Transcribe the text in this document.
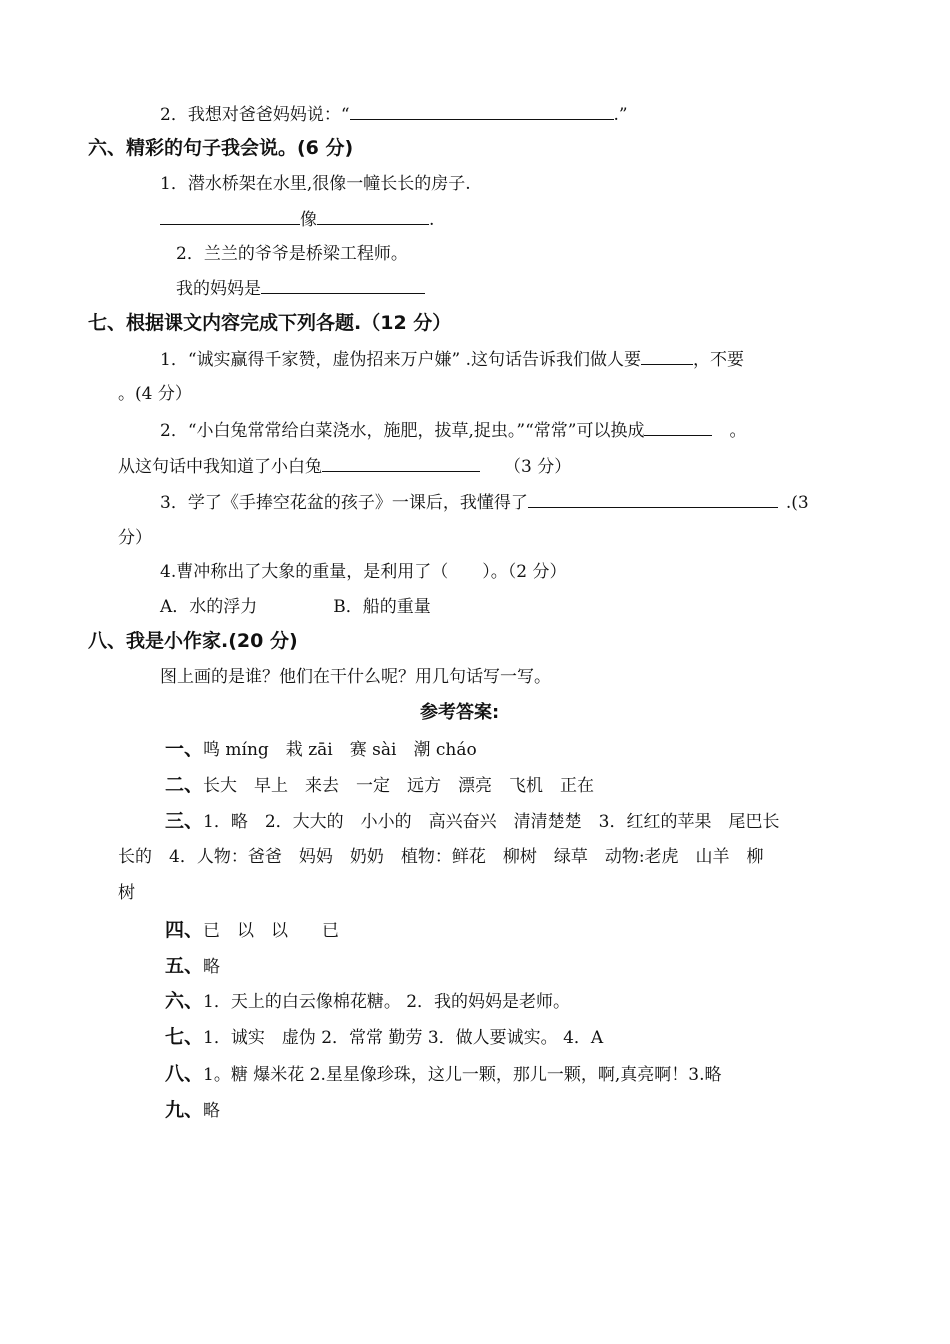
2．我想对爸爸妈妈说：“	.”
六、精彩的句子我会说。(6 分)
1．潜水桥架在水里,很像一幢长长的房子.
像	.
2．兰兰的爷爷是桥梁工程师。
我的妈妈是
七、根据课文内容完成下列各题.（12 分）
1．“诚实赢得千家赞，虚伪招来万户嫌” .这句话告诉我们做人要	，不要
。(4 分）
2．“小白兔常常给白菜浇水，施肥，拔草,捉虫。”“常常”可以换成　	。
从这句话中我知道了小白兔	（3 分）
3．学了《手捧空花盆的孩子》一课后，我懂得了	.(3
分）
4.曹冲称出了大象的重量，是利用了（　　）。（2 分）
A．水的浮力	B．船的重量
八、我是小作家.(20 分)
图上画的是谁？他们在干什么呢？用几句话写一写。
参考答案:
一、鸣 míng　栽 zāi　赛 sài　潮 cháo
二、长大　早上　来去　一定　远方　漂亮　飞机　正在
三、1．略　2．大大的　小小的　高兴奋兴　清清楚楚　3．红红的苹果　尾巴长
长的　4．人物：爸爸　妈妈　奶奶　植物：鲜花　柳树　绿草　动物:老虎　山羊　柳
树
四、已　以　以　　已
五、略
六、1．天上的白云像棉花糖。 2．我的妈妈是老师。
七、1．诚实　虚伪 2．常常 勤劳 3．做人要诚实。 4．A
八、1。糖 爆米花 2.星星像珍珠，这儿一颗，那儿一颗，啊,真亮啊！3.略
九、略
